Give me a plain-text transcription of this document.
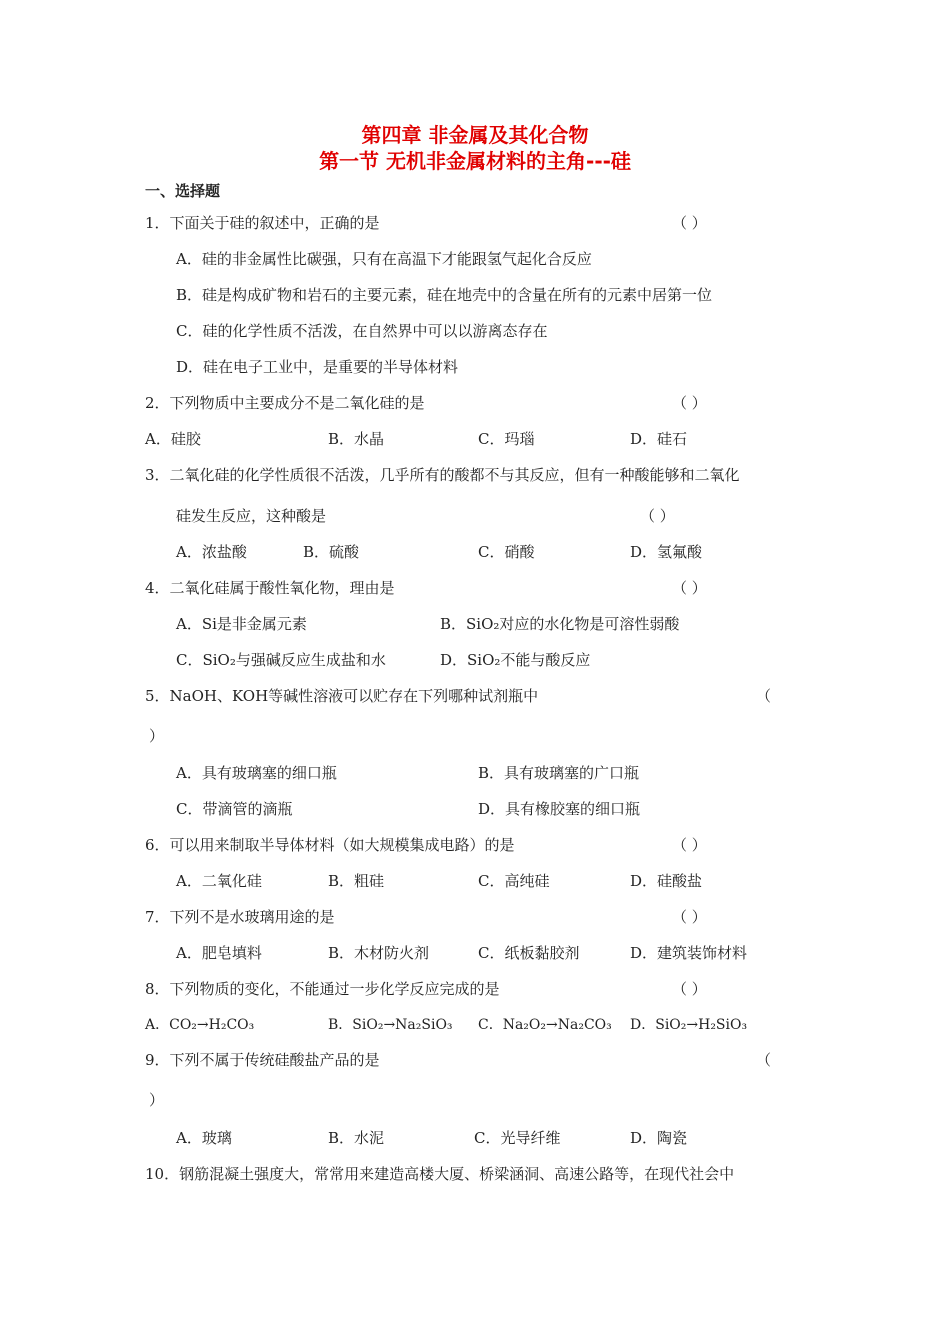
第四章 非金属及其化合物
第一节 无机非金属材料的主角---硅
一、选择题
1．下面关于硅的叙述中，正确的是	（ ）
A．硅的非金属性比碳强，只有在高温下才能跟氢气起化合反应
B．硅是构成矿物和岩石的主要元素，硅在地壳中的含量在所有的元素中居第一位
C．硅的化学性质不活泼，在自然界中可以以游离态存在
D．硅在电子工业中，是重要的半导体材料
2．下列物质中主要成分不是二氧化硅的是	（ ）
A．硅胶	B．水晶	C．玛瑙	D．硅石
3．二氧化硅的化学性质很不活泼，几乎所有的酸都不与其反应，但有一种酸能够和二氧化
硅发生反应，这种酸是	（ ）
A．浓盐酸	B．硫酸	C．硝酸	D．氢氟酸
4．二氧化硅属于酸性氧化物，理由是	（ ）
A．Si是非金属元素	B．SiO₂对应的水化物是可溶性弱酸
C．SiO₂与强碱反应生成盐和水	D．SiO₂不能与酸反应
5．NaOH、KOH等碱性溶液可以贮存在下列哪种试剂瓶中	（
）
A．具有玻璃塞的细口瓶	B．具有玻璃塞的广口瓶
C．带滴管的滴瓶	D．具有橡胶塞的细口瓶
6．可以用来制取半导体材料（如大规模集成电路）的是	（ ）
A．二氧化硅	B．粗硅	C．高纯硅	D．硅酸盐
7．下列不是水玻璃用途的是	（ ）
A．肥皂填料	B．木材防火剂	C．纸板黏胶剂	D．建筑装饰材料
8．下列物质的变化，不能通过一步化学反应完成的是	（ ）
A．CO₂→H₂CO₃	B．SiO₂→Na₂SiO₃ C．Na₂O₂→Na₂CO₃ D．SiO₂→H₂SiO₃
9．下列不属于传统硅酸盐产品的是	（
）
A．玻璃	B．水泥	C．光导纤维	D．陶瓷
10．钢筋混凝土强度大，常常用来建造高楼大厦、桥梁涵洞、高速公路等，在现代社会中
